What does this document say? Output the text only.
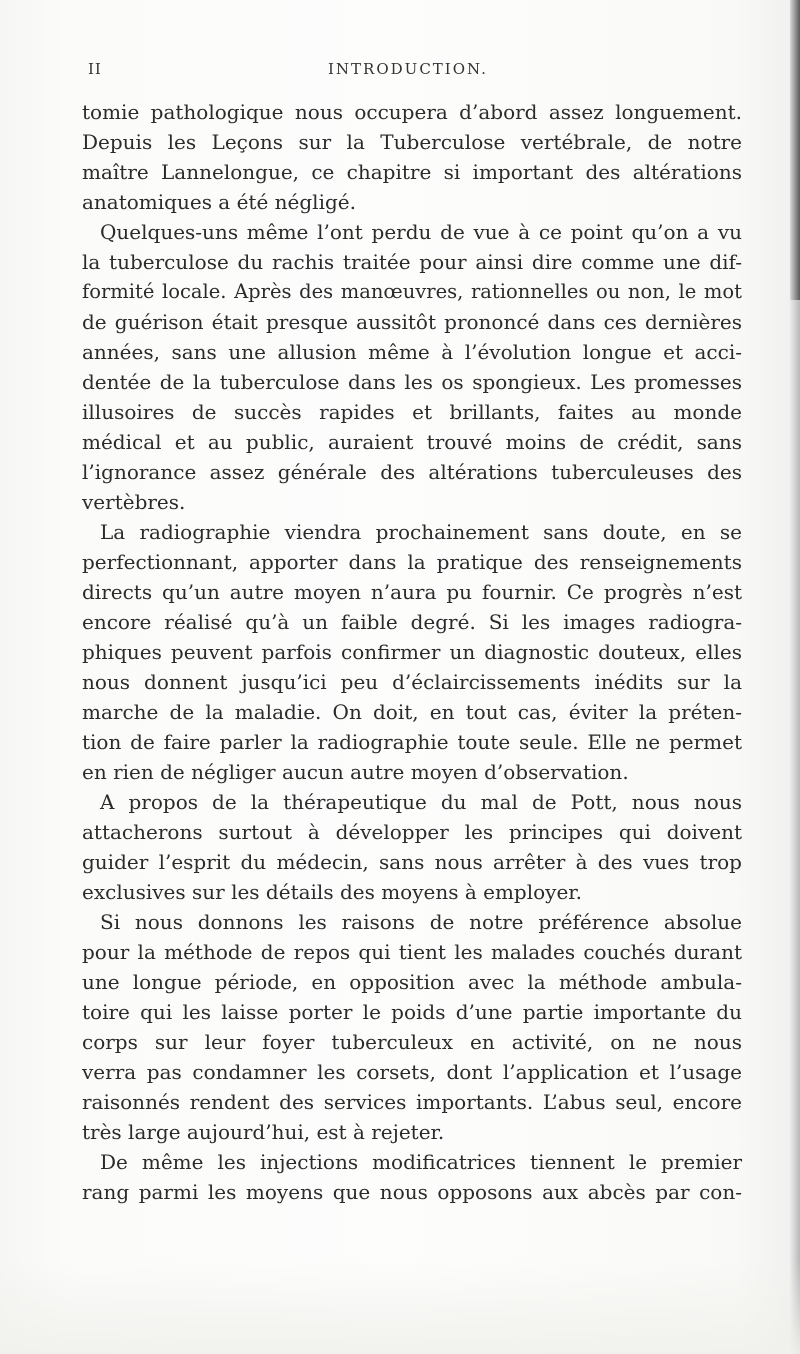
II	INTRODUCTION.
tomie pathologique nous occupera d’abord assez longuement.
Depuis les Leçons sur la Tuberculose vertébrale, de notre
maître Lannelongue, ce chapitre si important des altérations
anatomiques a été négligé.
Quelques-uns même l’ont perdu de vue à ce point qu’on a vu
la tuberculose du rachis traitée pour ainsi dire comme une dif-
formité locale. Après des manœuvres, rationnelles ou non, le mot
de guérison était presque aussitôt prononcé dans ces dernières
années, sans une allusion même à l’évolution longue et acci-
dentée de la tuberculose dans les os spongieux. Les promesses
illusoires de succès rapides et brillants, faites au monde
médical et au public, auraient trouvé moins de crédit, sans
l’ignorance assez générale des altérations tuberculeuses des
vertèbres.
La radiographie viendra prochainement sans doute, en se
perfectionnant, apporter dans la pratique des renseignements
directs qu’un autre moyen n’aura pu fournir. Ce progrès n’est
encore réalisé qu’à un faible degré. Si les images radiogra-
phiques peuvent parfois confirmer un diagnostic douteux, elles
nous donnent jusqu’ici peu d’éclaircissements inédits sur la
marche de la maladie. On doit, en tout cas, éviter la préten-
tion de faire parler la radiographie toute seule. Elle ne permet
en rien de négliger aucun autre moyen d’observation.
A propos de la thérapeutique du mal de Pott, nous nous
attacherons surtout à développer les principes qui doivent
guider l’esprit du médecin, sans nous arrêter à des vues trop
exclusives sur les détails des moyens à employer.
Si nous donnons les raisons de notre préférence absolue
pour la méthode de repos qui tient les malades couchés durant
une longue période, en opposition avec la méthode ambula-
toire qui les laisse porter le poids d’une partie importante du
corps sur leur foyer tuberculeux en activité, on ne nous
verra pas condamner les corsets, dont l’application et l’usage
raisonnés rendent des services importants. L’abus seul, encore
très large aujourd’hui, est à rejeter.
De même les injections modificatrices tiennent le premier
rang parmi les moyens que nous opposons aux abcès par con-
